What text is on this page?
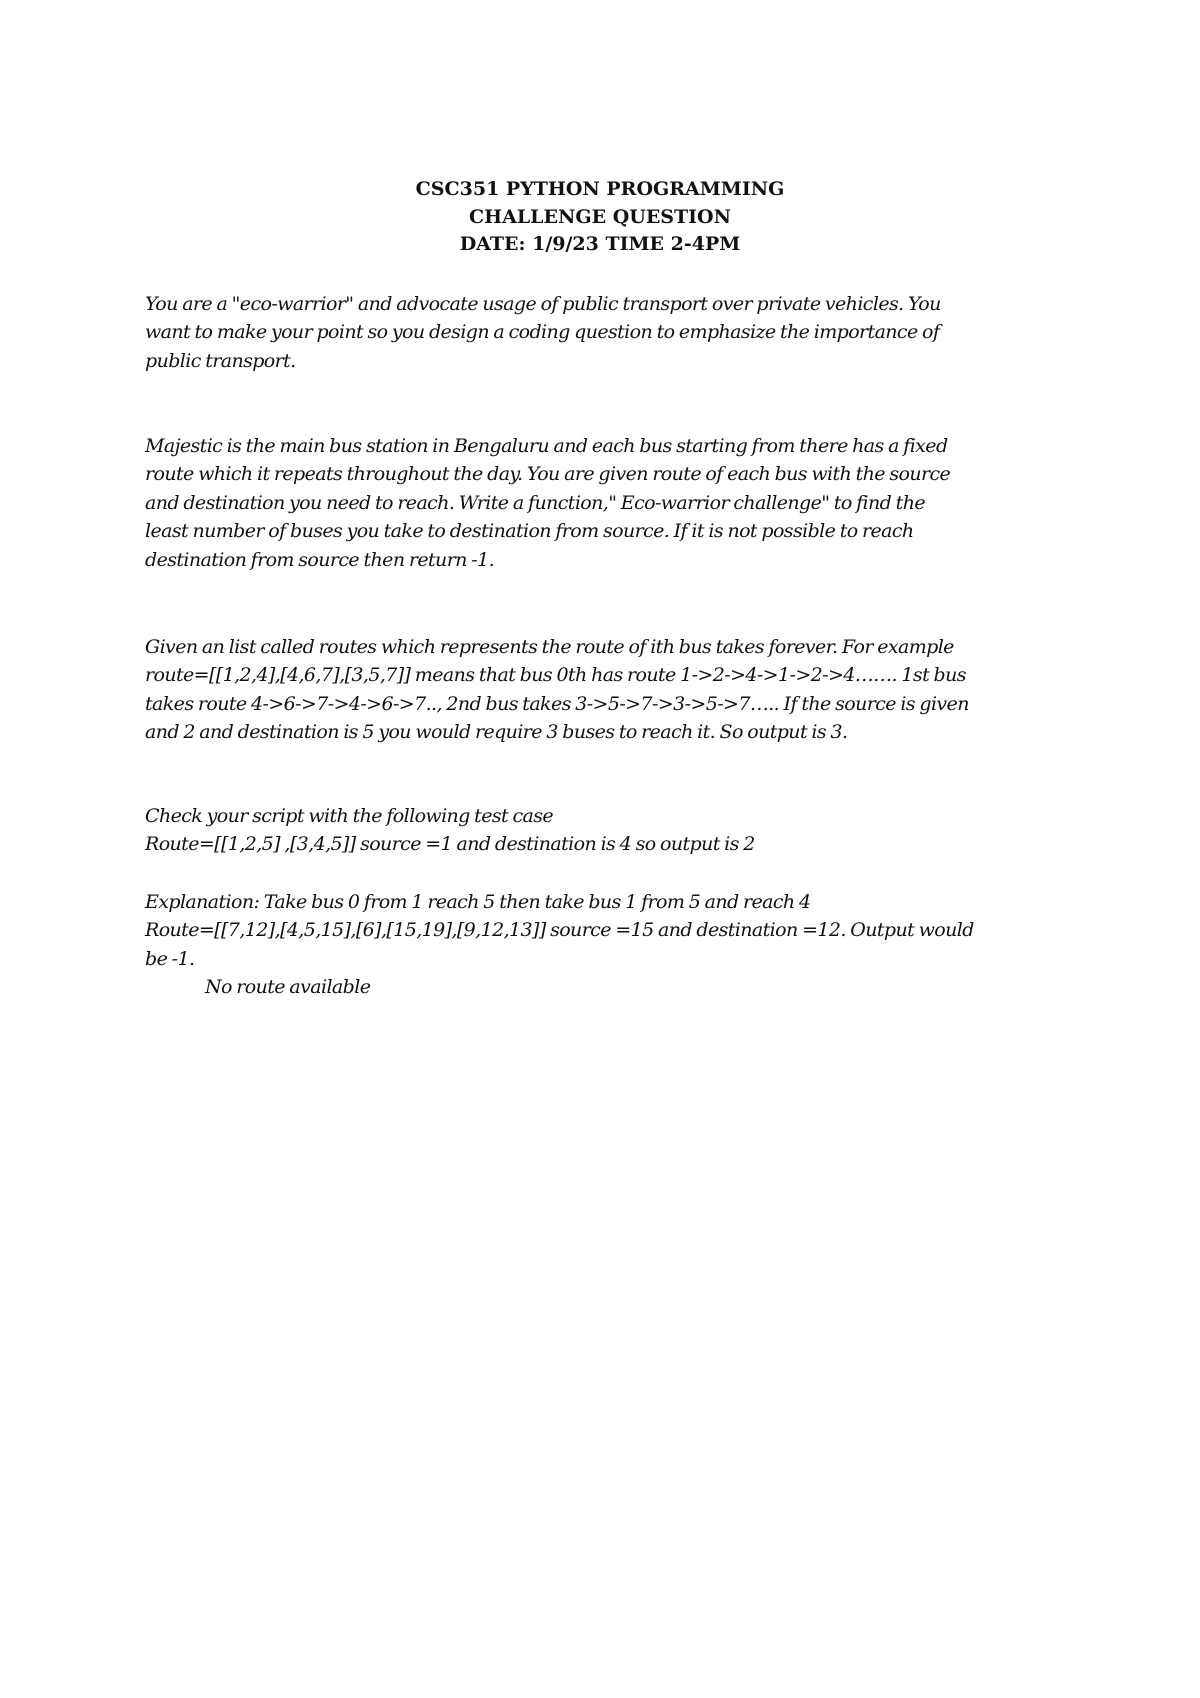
CSC351 PYTHON PROGRAMMING
CHALLENGE QUESTION
DATE: 1/9/23 TIME 2-4PM
You are a "eco-warrior" and advocate usage of public transport over private vehicles. You
want to make your point so you design a coding question to emphasize the importance of
public transport.
Majestic is the main bus station in Bengaluru and each bus starting from there has a fixed
route which it repeats throughout the day. You are given route of each bus with the source
and destination you need to reach. Write a function," Eco-warrior challenge" to find the
least number of buses you take to destination from source. If it is not possible to reach
destination from source then return -1.
Given an list called routes which represents the route of ith bus takes forever. For example
route=[[1,2,4],[4,6,7],[3,5,7]] means that bus 0th has route 1->2->4->1->2->4……. 1st bus
takes route 4->6->7->4->6->7.., 2nd bus takes 3->5->7->3->5->7….. If the source is given
and 2 and destination is 5 you would require 3 buses to reach it. So output is 3.
Check your script with the following test case
Route=[[1,2,5] ,[3,4,5]] source =1 and destination is 4 so output is 2
Explanation: Take bus 0 from 1 reach 5 then take bus 1 from 5 and reach 4
Route=[[7,12],[4,5,15],[6],[15,19],[9,12,13]] source =15 and destination =12. Output would
be -1.
No route available
